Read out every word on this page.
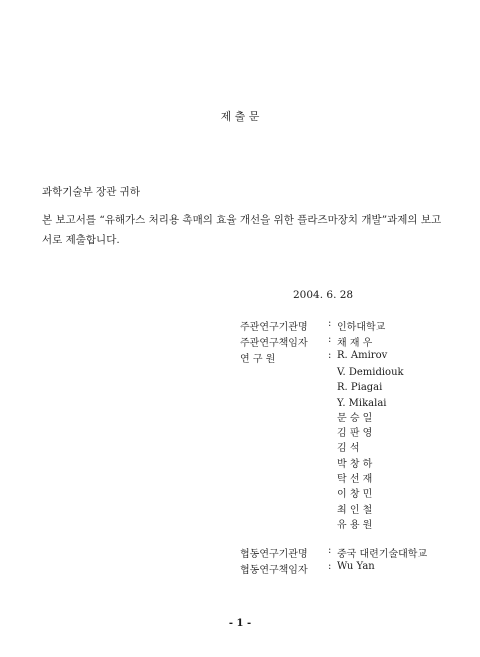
제 출 문
과학기술부 장관 귀하
본 보고서를 “유해가스 처리용 촉매의 효율 개선을 위한 플라즈마장치 개발”과제의 보고
서로 제출합니다.
2004. 6. 28
주관연구기관명 : 인하대학교
주관연구책임자 : 채 재 우
연 구 원	: R. Amirov
V. Demidiouk
R. Piagai
Y. Mikalai
문 승 일
김 판 영
김 석
박 창 하
탁 선 재
이 창 민
최 인 철
유 용 원
협동연구기관명 : 중국 대련기술대학교
협동연구책임자 : Wu Yan
- 1 -
